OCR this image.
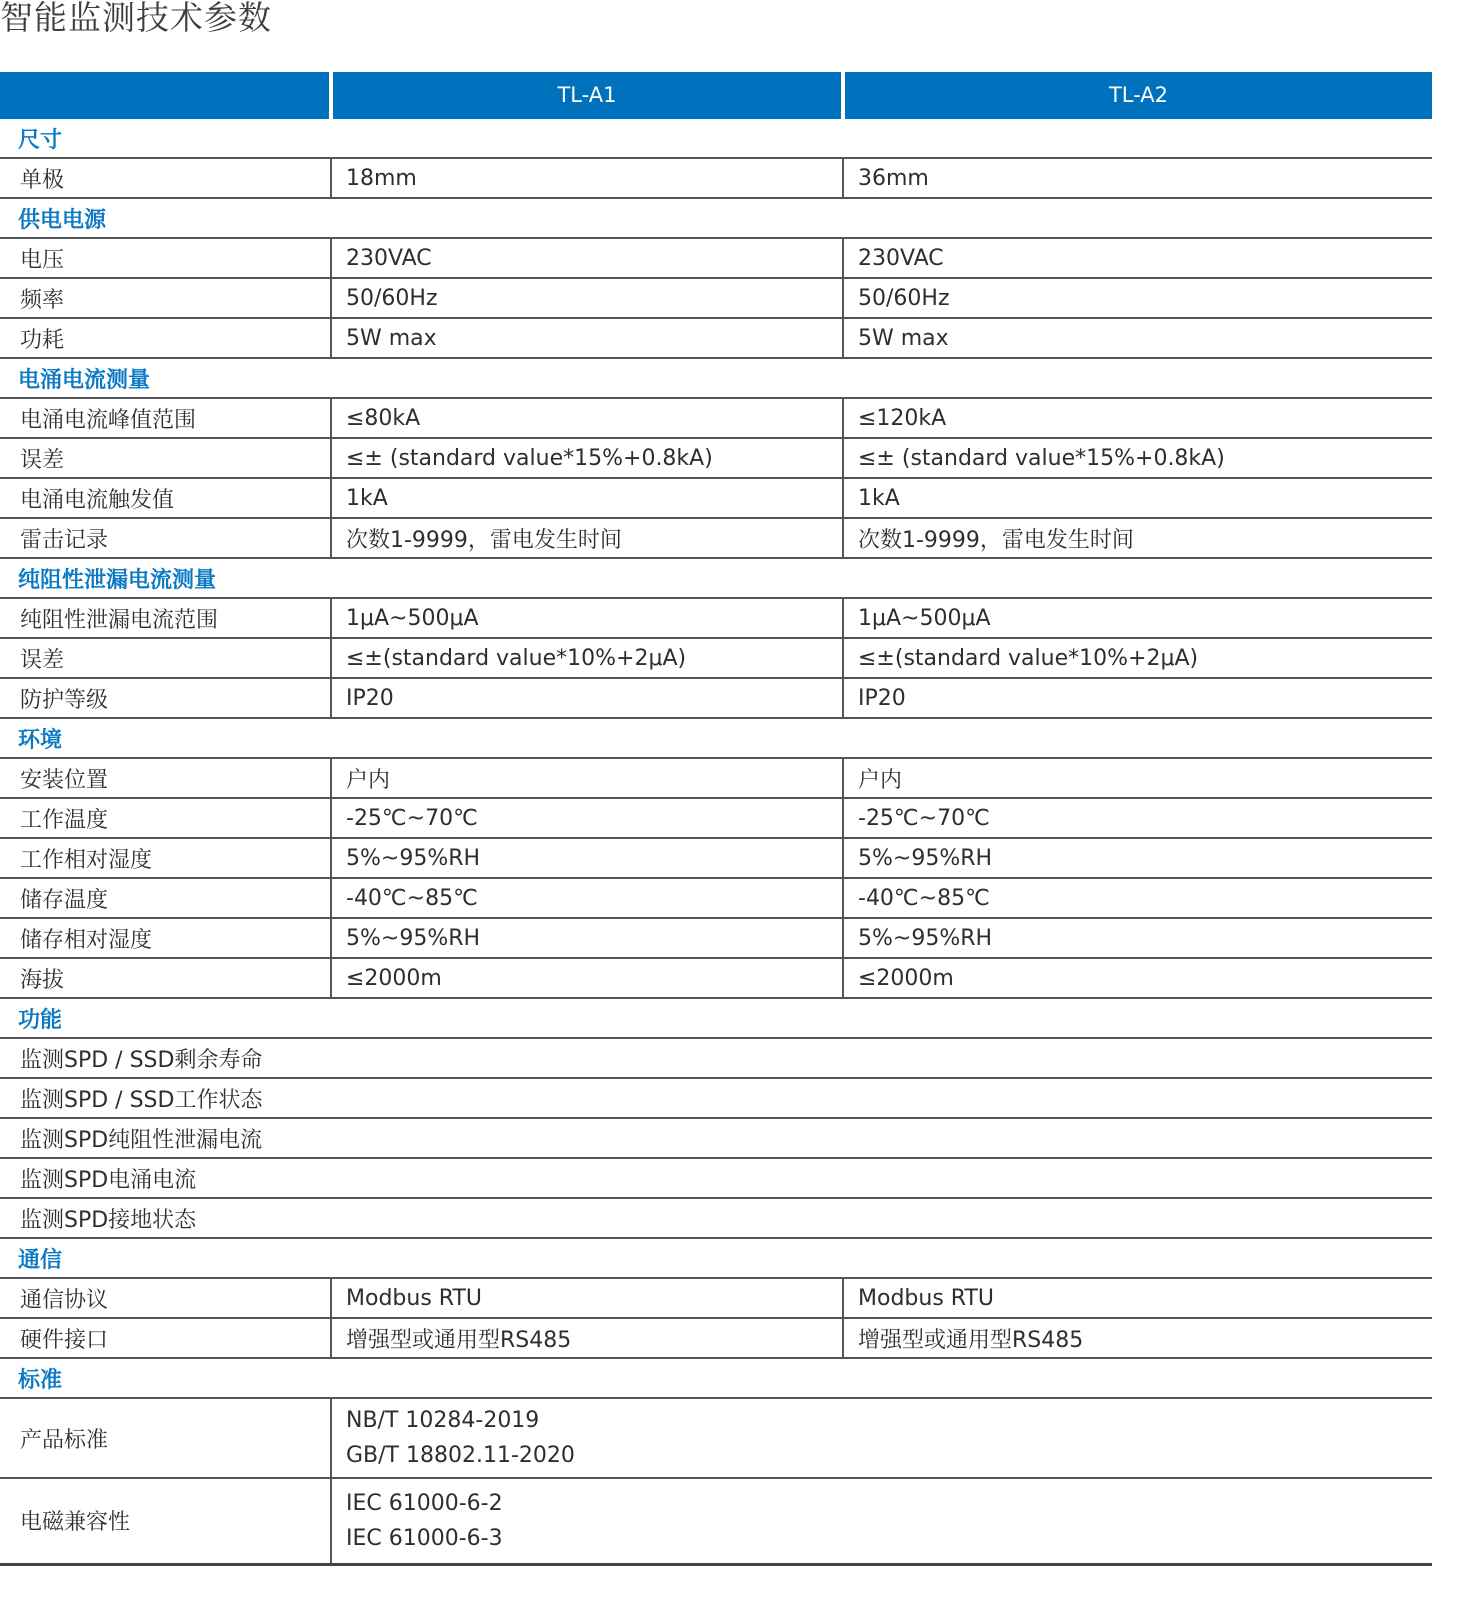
智能监测技术参数
	TL-A1	TL-A2
尺寸		
单极	18mm	36mm
供电电源		
电压	230VAC	230VAC
频率	50/60Hz	50/60Hz
功耗	5W max	5W max
电涌电流测量		
电涌电流峰值范围	≤80kA	≤120kA
误差	≤± (standard value*15%+0.8kA)	≤± (standard value*15%+0.8kA)
电涌电流触发值	1kA	1kA
雷击记录	次数1-9999，雷电发生时间	次数1-9999，雷电发生时间
纯阻性泄漏电流测量		
纯阻性泄漏电流范围	1μA~500μA	1μA~500μA
误差	≤±(standard value*10%+2μA)	≤±(standard value*10%+2μA)
防护等级	IP20	IP20
环境		
安装位置	户内	户内
工作温度	-25℃~70℃	-25℃~70℃
工作相对湿度	5%~95%RH	5%~95%RH
储存温度	-40℃~85℃	-40℃~85℃
储存相对湿度	5%~95%RH	5%~95%RH
海拔	≤2000m	≤2000m
功能		
监测SPD / SSD剩余寿命		
监测SPD / SSD工作状态		
监测SPD纯阻性泄漏电流		
监测SPD电涌电流		
监测SPD接地状态		
通信		
通信协议	Modbus RTU	Modbus RTU
硬件接口	增强型或通用型RS485	增强型或通用型RS485
标准		
产品标准	NB/T 10284-2019
GB/T 18802.11-2020	

电磁兼容性	IEC 61000-6-2
IEC 61000-6-3	
